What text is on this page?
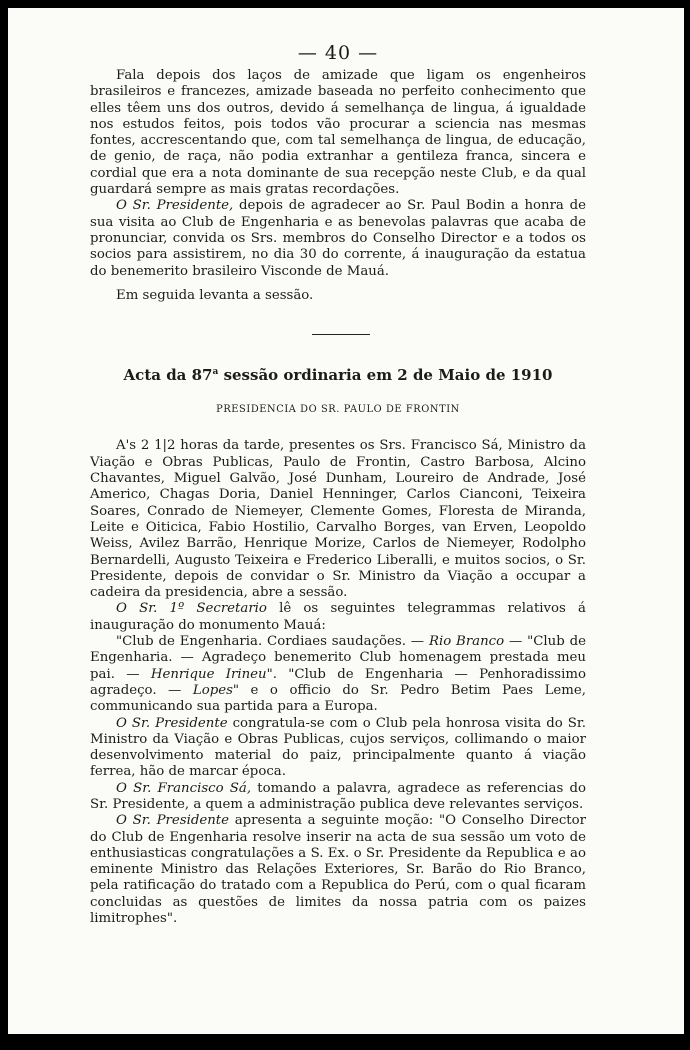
— 40 —

Fala depois dos laços de amizade que ligam os engenheiros brasileiros e francezes, amizade baseada no perfeito conhecimento que elles têem uns dos outros, devido á semelhança de lingua, á igualdade nos estudos feitos, pois todos vão procurar a sciencia nas mesmas fontes, accrescentando que, com tal semelhança de lingua, de educação, de genio, de raça, não podia extranhar a gentileza franca, sincera e cordial que era a nota dominante de sua recepção neste Club, e da qual guardará sempre as mais gratas recordações.

O Sr. Presidente, depois de agradecer ao Sr. Paul Bodin a honra de sua visita ao Club de Engenharia e as benevolas palavras que acaba de pronunciar, convida os Srs. membros do Conselho Director e a todos os socios para assistirem, no dia 30 do corrente, á inauguração da estatua do benemerito brasileiro Visconde de Mauá.

Em seguida levanta a sessão.

Acta da 87$^a$ sessão ordinaria em 2 de Maio de 1910

PRESIDENCIA DO SR. PAULO DE FRONTIN

A's 2 1|2 horas da tarde, presentes os Srs. Francisco Sá, Ministro da Viação e Obras Publicas, Paulo de Frontin, Castro Barbosa, Alcino Chavantes, Miguel Galvão, José Dunham, Loureiro de Andrade, José Americo, Chagas Doria, Daniel Henninger, Carlos Cianconi, Teixeira Soares, Conrado de Niemeyer, Clemente Gomes, Floresta de Miranda, Leite e Oiticica, Fabio Hostilio, Carvalho Borges, van Erven, Leopoldo Weiss, Avilez Barrão, Henrique Morize, Carlos de Niemeyer, Rodolpho Bernardelli, Augusto Teixeira e Frederico Liberalli, e muitos socios, o Sr. Presidente, depois de convidar o Sr. Ministro da Viação a occupar a cadeira da presidencia, abre a sessão.

O Sr. 1º Secretario lê os seguintes telegrammas relativos á inauguração do monumento Mauá:

"Club de Engenharia. Cordiaes saudações. — Rio Branco — "Club de Engenharia. — Agradeço benemerito Club homenagem prestada meu pai. — Henrique Irineu". "Club de Engenharia — Penhoradissimo agradeço. — Lopes" e o officio do Sr. Pedro Betim Paes Leme, communicando sua partida para a Europa.

O Sr. Presidente congratula-se com o Club pela honrosa visita do Sr. Ministro da Viação e Obras Publicas, cujos serviços, collimando o maior desenvolvimento material do paiz, principalmente quanto á viação ferrea, hão de marcar época.

O Sr. Francisco Sá, tomando a palavra, agradece as referencias do Sr. Presidente, a quem a administração publica deve relevantes serviços.

O Sr. Presidente apresenta a seguinte moção: "O Conselho Director do Club de Engenharia resolve inserir na acta de sua sessão um voto de enthusiasticas congratulações a S. Ex. o Sr. Presidente da Republica e ao eminente Ministro das Relações Exteriores, Sr. Barão do Rio Branco, pela ratificação do tratado com a Republica do Perú, com o qual ficaram concluidas as questões de limites da nossa patria com os paizes limitrophes".
